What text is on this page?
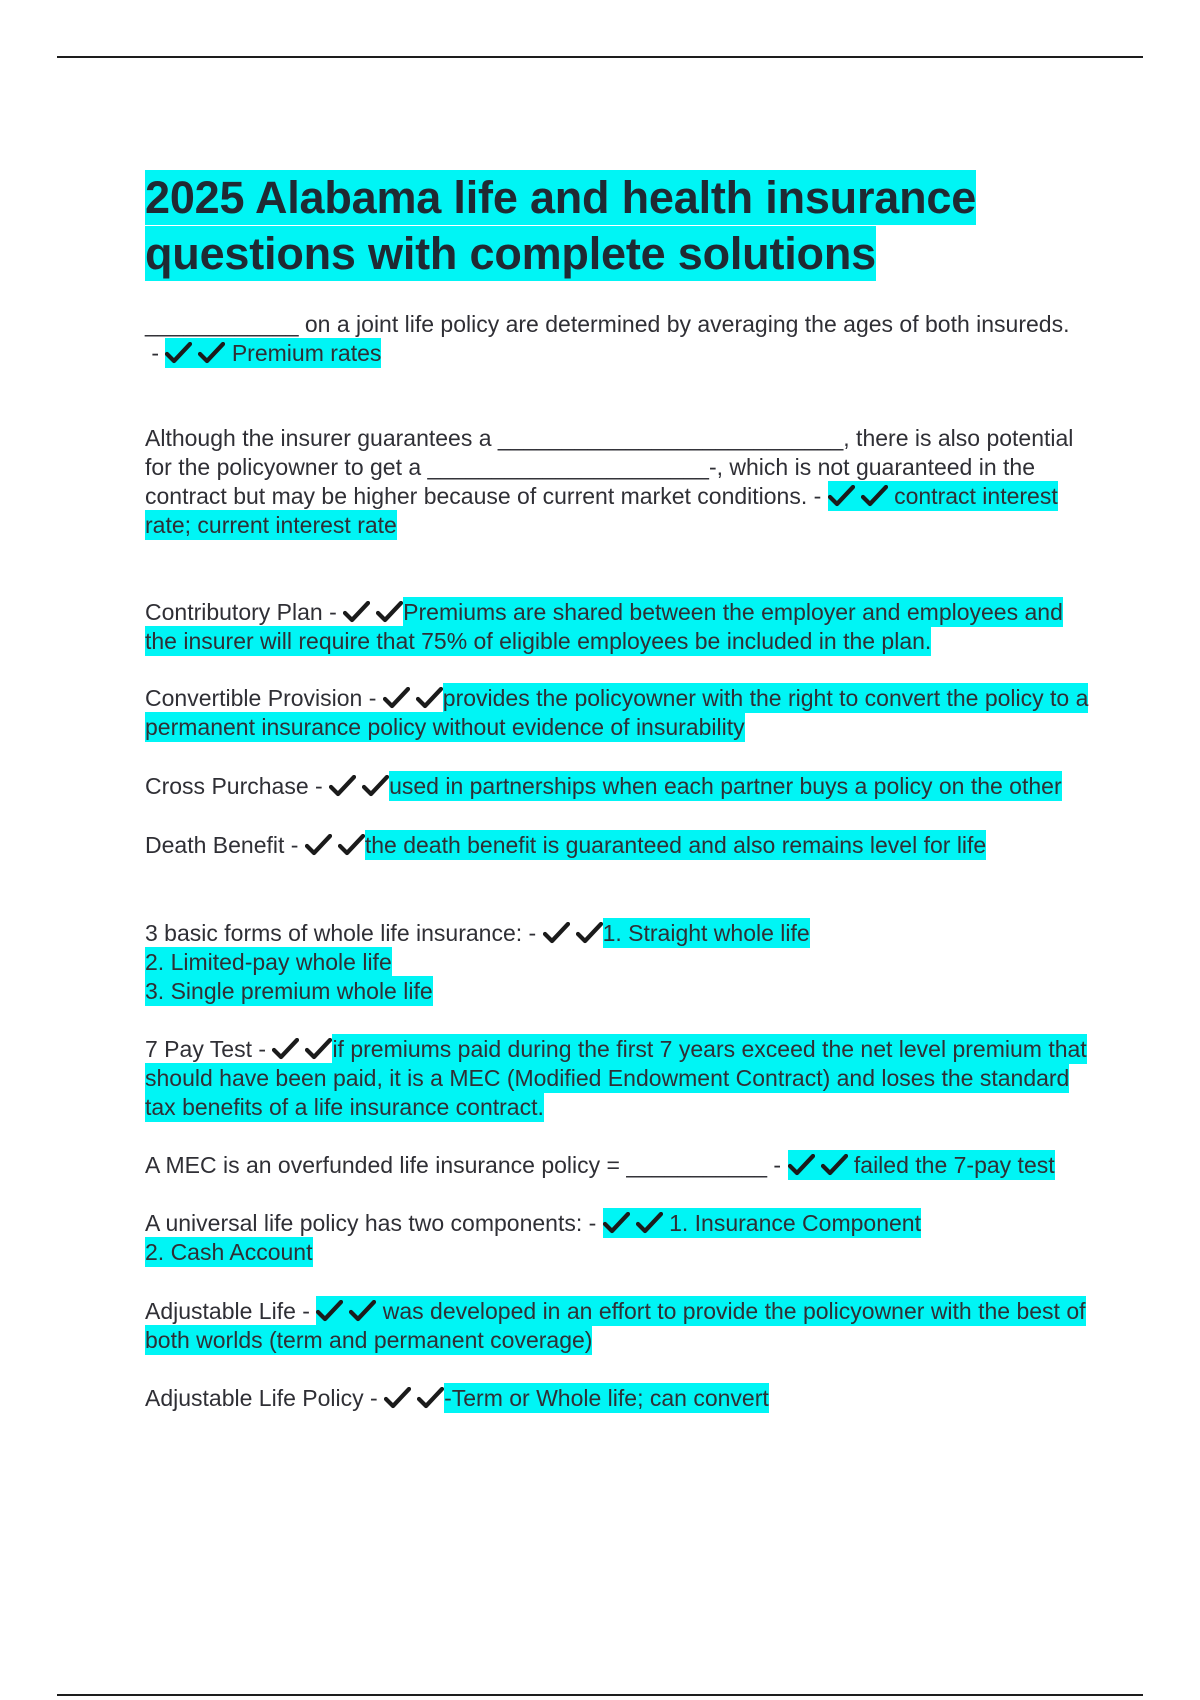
2025 Alabama life and health insurance questions with complete solutions

____________ on a joint life policy are determined by averaging the ages of both insureds. -	Premium rates

Although the insurer guarantees a ___________________________, there is also potential for the policyowner to get a ______________________-, which is not guaranteed in the contract but may be higher because of current market conditions. -	contract interest rate; current interest rate

Contributory Plan -	Premiums are shared between the employer and employees and the insurer will require that 75% of eligible employees be included in the plan.

Convertible Provision -	provides the policyowner with the right to convert the policy to a permanent insurance policy without evidence of insurability

Cross Purchase -	used in partnerships when each partner buys a policy on the other

Death Benefit -	the death benefit is guaranteed and also remains level for life

3 basic forms of whole life insurance: -	1. Straight whole life
2. Limited-pay whole life
3. Single premium whole life

7 Pay Test -	if premiums paid during the first 7 years exceed the net level premium that should have been paid, it is a MEC (Modified Endowment Contract) and loses the standard tax benefits of a life insurance contract.

A MEC is an overfunded life insurance policy = ___________ -	failed the 7-pay test

A universal life policy has two components: -	1. Insurance Component
2. Cash Account

Adjustable Life -	was developed in an effort to provide the policyowner with the best of both worlds (term and permanent coverage)

Adjustable Life Policy -	-Term or Whole life; can convert
